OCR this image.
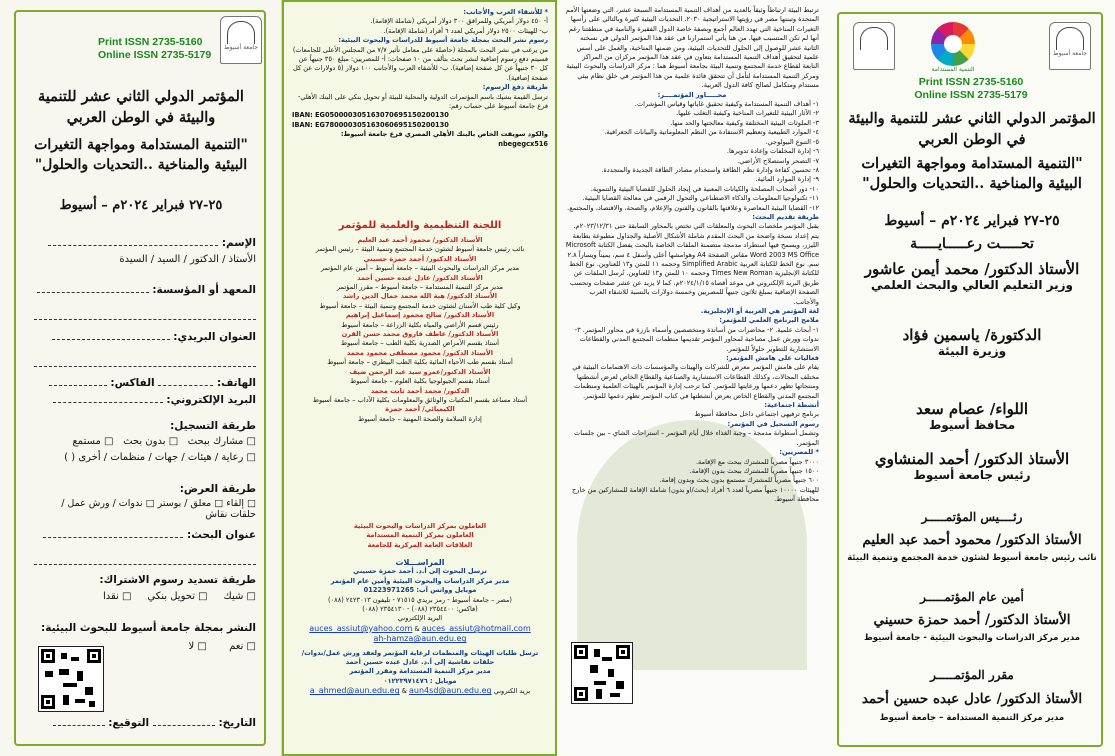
جامعة أسيوط
Print ISSN 2735-5160
Online ISSN 2735-5179
المؤتمر الدولي الثاني عشر للتنمية والبيئة في الوطن العربي
"التنمية المستدامة ومواجهة التغيرات البيئية والمناخية ..التحديات والحلول"
٢٥-٢٧ فبراير ٢٠٢٤م – أسيوط
الإسم:
الأستاذ / الدكتور / السيد / السيدة
المعهد أو المؤسسة:
العنوان البريدي:
الهاتف:  الفاكس:
البريد الإلكتروني:
طريقة التسجيل:
□ مشارك ببحث   □ بدون بحث   □ مستمع
□ رعاية / هيئات / جهات / منظمات / أخرى ( )
طريقة العرض:
□ إلقاء □ معلق / بوستر □ ندوات / ورش عمل / حلقات نقاش
عنوان البحث:
طريقة تسديد رسوم الاشتراك:
□ شيك     □ تحويل بنكي     □ نقدا
النشر بمجلة جامعة أسيوط للبحوث البيئية:
□ نعم       □ لا
التاريخ:  التوقيع:
* للأشقاء العرب والأجانب:
أ- ٤٥٠ دولار أمريكي وللمرافق ٣٠٠ دولار أمريكي (شاملة الإقامة).
ب- للهيئات ٢٥٠٠ دولار أمريكي لعدد ٦ أفراد (شاملة الإقامة).
رسوم نشر البحث بمجلة جامعة أسيوط للدراسات والبحوث البيئية:
من يرغب في نشر البحث بالمجلة (حاصلة على معامل تأثير ٧/٧ من المجلس الأعلى للجامعات) فسيتم دفع رسوم إضافية لنشر بحث بتألف من ١٠ صفحات: أ- للمصريين: مبلغ ٣٥٠ جنيهاً عن كل ٣٠ جنيهاً عن كل صفحة إضافية). ب- للأشقاء العرب والأجانب ١٠٠ دولار (٥ دولارات عن كل صفحة إضافية).
طريقة دفع الرسوم:
ترسل القيمة بشيك باسم المؤتمرات الدولية والمحلية للبيئة أو تحويل بنكي على البنك الأهلي- فرع جامعة أسيوط على حساب رقم:
IBAN: EG050000305163070695150200130
IBAN: EG780000305163060695150200130
والكود سويفت الخاص بالبنك الأهلي المصري فرع جامعة أسيوط: nbegegcx516
اللجنة التنظيمية والعلمية للمؤتمر
الأستاذ الدكتور/ محمود أحمد عبد العليم
نائب رئيس جامعة أسيوط لشئون خدمة المجتمع وتنمية البيئة – رئيس المؤتمر
الأستاذ الدكتور/ أحمد حمزة حسيني
مدير مركز الدراسات والبحوث البيئية – جامعة أسيوط – أمين عام المؤتمر
الأستاذ الدكتور/ عادل عبده حسين أحمد
مدير مركز التنمية المستدامة – جامعة أسيوط – مقرر المؤتمر
الأستاذ الدكتور/ هبة الله محمد جمال الدين راشد
وكيل كلية طب الأسنان لشئون خدمة المجتمع وتنمية البيئة – جامعة أسيوط
الأستاذ الدكتور/ صالح محمود إسماعيل إبراهيم
رئيس قسم الأراضي والمياه بكلية الزراعة – جامعة أسيوط
الأستاذ الدكتور/ عاطف فاروق محمد حسن القرن
أستاذ بقسم الأمراض الصدرية بكلية الطب – جامعة أسيوط
الأستاذ الدكتور/ محمود مصطفى محمود محمد
أستاذ بقسم طب الأحياء المائية بكلية الطب البيطري – جامعة أسيوط
الأستاذ الدكتور/عمرو سيد عبد الرحمن ضيف
أستاذ بقسم الجيولوجيا بكلية العلوم – جامعة أسيوط
الدكتور/ محمد أحمد ثابت محمد
أستاذ مساعد بقسم المكتبات والوثائق والمعلومات بكلية الآداب – جامعة أسيوط
الكيميائي/ أحمد حمزة
إدارة السلامة والصحة المهنية – جامعة أسيوط
العاملون بمركز الدراسات والبحوث البيئية
العاملون بمركز التنمية المستدامة
العلاقات العامة المركزية للجامعة
المراســـلات
ترسل البحوث إلى أ.د. أحمد حمزة حسيني
مدير مركز الدراسات والبحوث البيئية وأمين عام المؤتمر
موبايل وواتس آب: 01223971265
(مصر – جامعة أسيوط - رمز بريدي ٧١٥١٥ - تليفون ٢٤٢٣٠١٣ (٠٨٨)
(فاكس: ٢٣٥٤٤٠٠ (٠٨٨) - ٢٣٥٤١٣٠ (٠٨٨)
البريد الإلكتروني
auces_assiut@yahoo.com & auces_assiut@hotmail.com
ah-hamza@aun.edu.eg
ترسل طلبات الهيئات والمنظمات لرعاية المؤتمر ولعقد ورش عمل/ندوات/حلقات نقاشية إلى أ.د. عادل عبده حسين أحمد
مدير مركز التنمية المستدامة ومقرر المؤتمر
موبايل : ٠١٢٢٣٩٧١٤٧٦
a_ahmed@aun.edu.eg & aun4sd@aun.edu.eg بريد الكتروني
ترتبط البيئة ارتباطاً وثيقاً بالعديد من أهداف التنمية المستدامة السبعة عشر، التي وضعتها الأمم المتحدة وتبنتها مصر في رؤيتها الاستراتيجية ٢٠٣٠. التحديات البيئية كثيرة وبالتالي على رأسها التغيرات المناخية التي تهدد العالم أجمع وبصفة خاصة الدول الفقيرة والنامية في منطقتنا رغم أنها لم تكن المتسبب فيها. من هنا يأتي استمرارنا في عقد هذا المؤتمر الدولي في نسخته الثانية عشر للوصول إلى الحلول للتحديات البيئية، ومن ضمنها المناخية، والعمل على أسس علمية لتحقيق أهداف التنمية المستدامة بتعاون في عقد هذا المؤتمر مركزان من المراكز التابعة لقطاع خدمة المجتمع وتنمية البيئة بجامعة أسيوط هما : مركز الدراسات والبحوث البيئية ومركز التنمية المستدامة لتأمل أن تتحقق فائدة علمية من هذا المؤتمر في خلق نظام بيئي مستدام ومتكامل لصالح كافة الدول العربية.
محـــــاور المؤتمــــر:
١- أهداف التنمية المستدامة وكيفية تحقيق غاياتها وقياس المؤشرات.
٢- الآثار البيئية للتغيرات المناخية وكيفية التغلب عليها.
٣- الملوثات البيئية المختلفة وكيفية معالجتها والحد منها.
٤- الموارد الطبيعية وتعظيم الاستفادة من النظم المعلوماتية والبيانات الجغرافية.
٥- التنوع البيولوجي.
٦- إدارة المخلفات وإعادة تدويرها.
٧- التصحر واستصلاح الأراضي.
٨- تحسين كفاءة وإدارة نظم الطاقة واستخدام مصادر الطاقة الجديدة والمتجددة.
٩- إدارة الموارد المائية.
١٠- دور أصحاب المصلحة والكيانات المعنية في إيجاد الحلول للقضايا البيئية والتنموية.
١١- تكنولوجيا المعلومات والذكاء الاصطناعي والتحول الرقمي في معالجة القضايا البيئية.
١٢- القضايا البيئية المعاصرة وعلاقتها بالقانون والفنون والإعلام، والصحة، والاقتصاد، والمجتمع.
طريقة تقديم البحث:
يقبل المؤتمر ملخصات البحوث والمعلقات التي تختص بالمحاور السابقة حتى ٢٠٢٣/١٢/٣١م. يتم إعداد نسخة واضحة من البحث المقدم شاملة الأشكال الأصلية والجداول مطبوعة بطابعة الليزر، ويسمح فيها استطراد مدمجة متضمنة الملفات الخاصة بالبحث يفضل الكتابة Microsoft Word 2003 MS Office مقاس الصفحة A4 وهوامشها أعلى وأسفل ٤ سم، يميناً ويساراً ٢.٨ سم. نوع الخط للكتابة العربية Simplified Arabic وحجمه ١١ للمتن و١٣ للعناوين. نوع الخط للكتابة الإنجليزية Times New Roman وحجمه ١٠ للمتن و١٣ للعناوين. تُرسل الملفات عن طريق البريد الإلكتروني في موعد أقصاه ٢٠٢٤/١/١٥م، كما لا يزيد عن عشر صفحات وتحسب الصفحة الإضافية بمبلغ ثلاثون جنيهاً للمصريين وخمسة دولارات بالنسبة للاشقاء العرب والأجانب.
لغة المؤتمر هي العربية أو الإنجليزية.
ملامح البرنامج العلمي للمؤتمر:
١- أبحاث علمية. ٢- محاضرات من أساتذة ومتخصصين وأسماء بارزة في محاور المؤتمر. ٣- ندوات وورش عمل مصاحبة لمحاور المؤتمر تقديمها منظمات المجتمع المدني والقطاعات الاستشارية للتطوير حلولاً للمؤتمر.
فعاليات على هامش المؤتمر:
يقام على هامش المؤتمر معرض للشركات والهيئات والمؤسسات ذات الاهتمامات البيئية في مختلف المجالات، وكذلك القطاعات الاستشارية والصناعية والقطاع الخاص لعرض أنشطتها ومنتجاتها تظهر دعمها ورعايتها للمؤتمر. كما ترحب إدارة المؤتمر بالهيئات العلمية ومنظمات المجتمع المدني والقطاع الخاص بعرض أنشطتها في كتاب المؤتمر تظهر دعمها للمؤتمر.
أنشطة اجتماعية:
برنامج ترفيهي اجتماعي داخل محافظة أسيوط
رسوم التسجيل في المؤتمر:
وتشمل أسطوانة مدمجة – وجبة الغذاء خلال أيام المؤتمر – استراحات الشاي – بين جلسات المؤتمر.
* للمصريين:
٣٠٠٠ جنيهاً مصرياً للمشترك ببحث مع الإقامة.
١٥٠٠ جنيهاً مصرياً للمشترك ببحث بدون الإقامة.
٦٠٠ جنيهاً مصرياً للمشترك مستمع بدون بحث وبدون إقامة.
للهيئات ١٠٠٠٠ جنيهاً مصرياً لعدد ٦ أفراد (بحث/او بدون) شاملة الإقامة للمشاركين من خارج محافظة أسيوط.
جامعة أسيوط
التنمية المستدامة
Print ISSN 2735-5160
Online ISSN 2735-5179
المؤتمر الدولي الثاني عشر للتنمية والبيئة في الوطن العربي
"التنمية المستدامة ومواجهة التغيرات البيئية والمناخية ..التحديات والحلول"
٢٥-٢٧ فبراير ٢٠٢٤م – أسيوط
تحـــــت رعـــــايـــــة
الأستاذ الدكتور/ محمد أيمن عاشور
وزير التعليم العالي والبحث العلمي
الدكتورة/ ياسمين فؤاد
وزيرة البيئة
اللواء/ عصام سعد
محافظ أسيوط
الأستاذ الدكتور/ أحمد المنشاوي
رئيس جامعة أسيوط
رئــــيس المؤتمـــــر
الأستاذ الدكتور/ محمود أحمد عبد العليم
نائب رئيس جامعة أسيوط لشئون خدمة المجتمع وتنمية البيئة
أمين عام المؤتمـــــر
الأستاذ الدكتور/ أحمد حمزة حسيني
مدير مركز الدراسات والبحوث البيئية - جامعة أسيوط
مقرر المؤتمـــــر
الأستاذ الدكتور/ عادل عبده حسين أحمد
مدير مركز التنمية المستدامة – جامعة أسيوط
